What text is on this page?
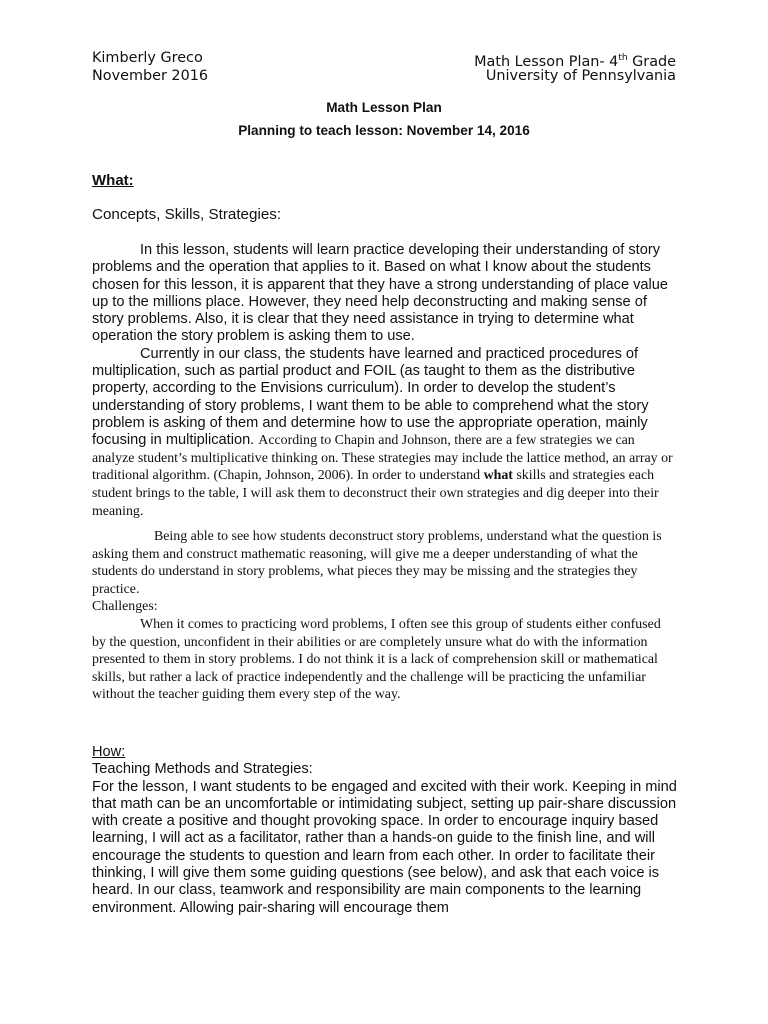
Kimberly Greco	Math Lesson Plan- 4th Grade
November 2016	University of Pennsylvania
Math Lesson Plan
Planning to teach lesson: November 14, 2016
What:
Concepts, Skills, Strategies:

In this lesson, students will learn practice developing their understanding of story problems and the operation that applies to it. Based on what I know about the students chosen for this lesson, it is apparent that they have a strong understanding of place value up to the millions place. However, they need help deconstructing and making sense of story problems. Also, it is clear that they need assistance in trying to determine what operation the story problem is asking them to use.

Currently in our class, the students have learned and practiced procedures of multiplication, such as partial product and FOIL (as taught to them as the distributive property, according to the Envisions curriculum). In order to develop the student’s understanding of story problems, I want them to be able to comprehend what the story problem is asking of them and determine how to use the appropriate operation, mainly focusing in multiplication. According to Chapin and Johnson, there are a few strategies we can analyze student’s multiplicative thinking on. These strategies may include the lattice method, an array or traditional algorithm. (Chapin, Johnson, 2006). In order to understand what skills and strategies each student brings to the table, I will ask them to deconstruct their own strategies and dig deeper into their meaning.

Being able to see how students deconstruct story problems, understand what the question is asking them and construct mathematic reasoning, will give me a deeper understanding of what the students do understand in story problems, what pieces they may be missing and the strategies they practice.

Challenges:

When it comes to practicing word problems, I often see this group of students either confused by the question, unconfident in their abilities or are completely unsure what do with the information presented to them in story problems. I do not think it is a lack of comprehension skill or mathematical skills, but rather a lack of practice independently and the challenge will be practicing the unfamiliar without the teacher guiding them every step of the way.

How:

Teaching Methods and Strategies:

For the lesson, I want students to be engaged and excited with their work. Keeping in mind that math can be an uncomfortable or intimidating subject, setting up pair-share discussion with create a positive and thought provoking space. In order to encourage inquiry based learning, I will act as a facilitator, rather than a hands-on guide to the finish line, and will encourage the students to question and learn from each other. In order to facilitate their thinking, I will give them some guiding questions (see below), and ask that each voice is heard. In our class, teamwork and responsibility are main components to the learning environment. Allowing pair-sharing will encourage them
